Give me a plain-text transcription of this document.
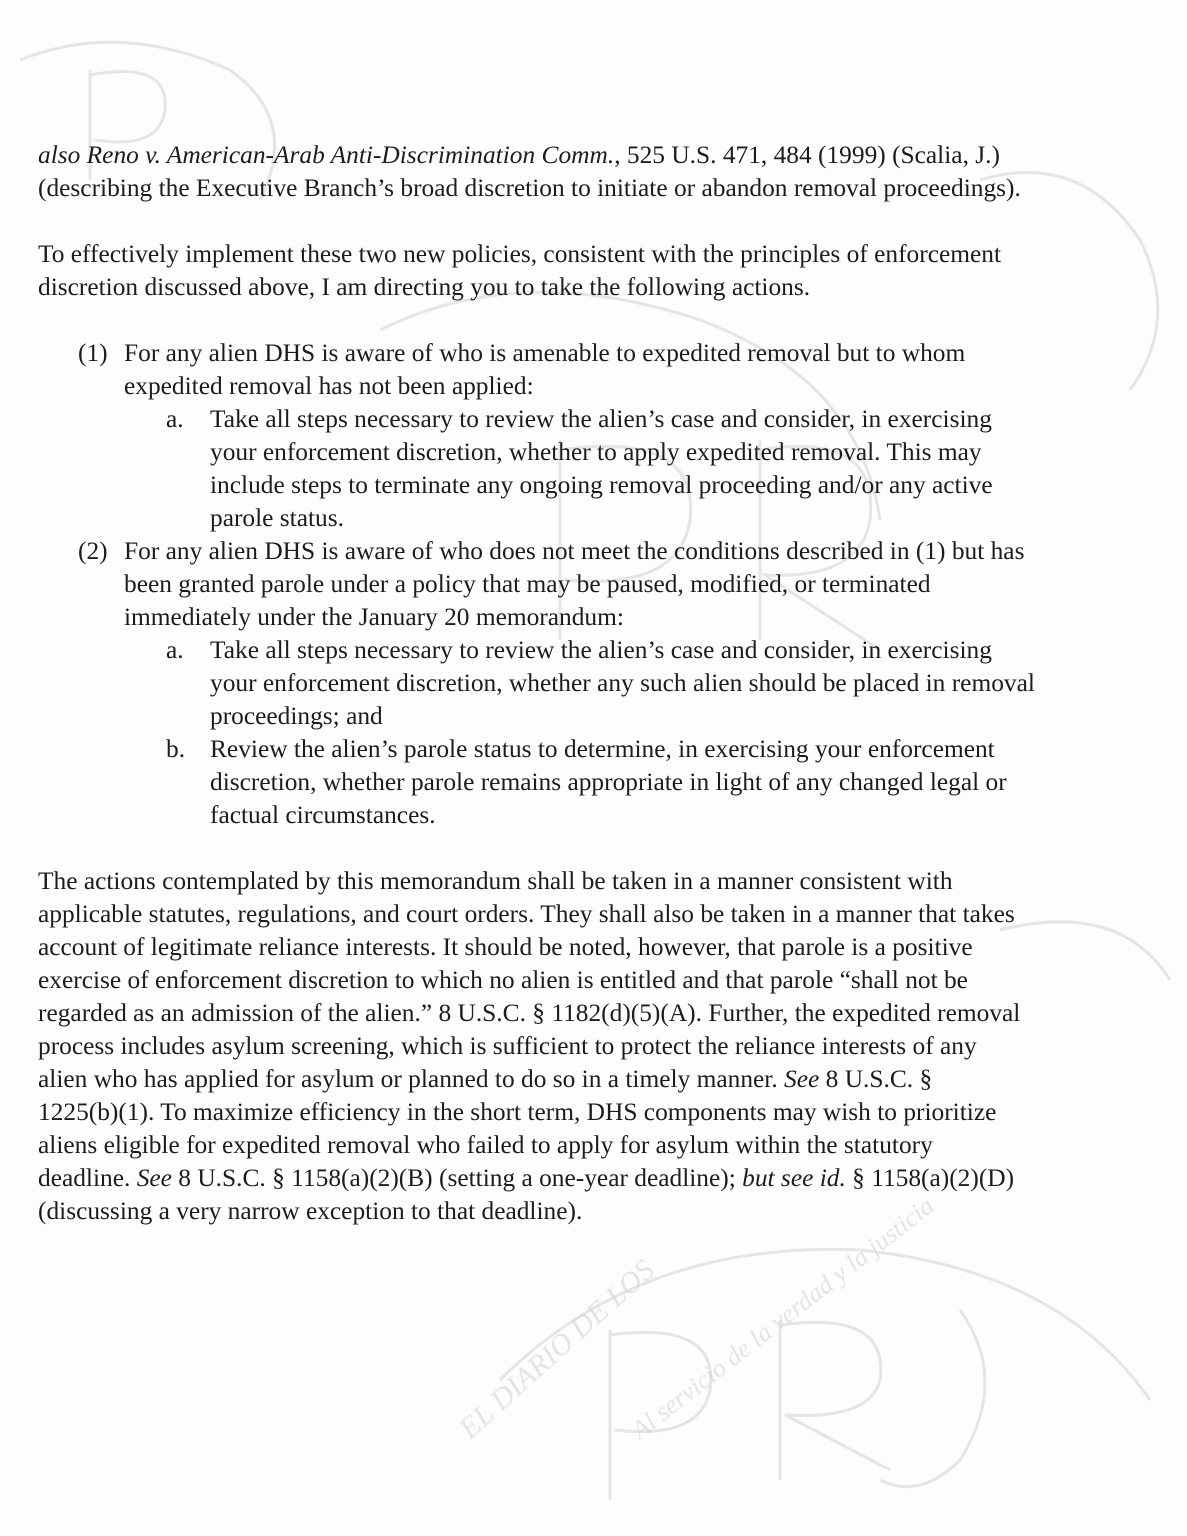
Al servicio de la verdad y la justicia
EL DIARIO DE LOS

also Reno v. American-Arab Anti-Discrimination Comm., 525 U.S. 471, 484 (1999) (Scalia, J.)
(describing the Executive Branch’s broad discretion to initiate or abandon removal proceedings).

To effectively implement these two new policies, consistent with the principles of enforcement
discretion discussed above, I am directing you to take the following actions.

(1) For any alien DHS is aware of who is amenable to expedited removal but to whom
expedited removal has not been applied:
a. Take all steps necessary to review the alien’s case and consider, in exercising
your enforcement discretion, whether to apply expedited removal. This may
include steps to terminate any ongoing removal proceeding and/or any active
parole status.
(2) For any alien DHS is aware of who does not meet the conditions described in (1) but has
been granted parole under a policy that may be paused, modified, or terminated
immediately under the January 20 memorandum:
a. Take all steps necessary to review the alien’s case and consider, in exercising
your enforcement discretion, whether any such alien should be placed in removal
proceedings; and
b. Review the alien’s parole status to determine, in exercising your enforcement
discretion, whether parole remains appropriate in light of any changed legal or
factual circumstances.

The actions contemplated by this memorandum shall be taken in a manner consistent with
applicable statutes, regulations, and court orders. They shall also be taken in a manner that takes
account of legitimate reliance interests. It should be noted, however, that parole is a positive
exercise of enforcement discretion to which no alien is entitled and that parole “shall not be
regarded as an admission of the alien.” 8 U.S.C. § 1182(d)(5)(A). Further, the expedited removal
process includes asylum screening, which is sufficient to protect the reliance interests of any
alien who has applied for asylum or planned to do so in a timely manner. See 8 U.S.C. §
1225(b)(1). To maximize efficiency in the short term, DHS components may wish to prioritize
aliens eligible for expedited removal who failed to apply for asylum within the statutory
deadline. See 8 U.S.C. § 1158(a)(2)(B) (setting a one-year deadline); but see id. § 1158(a)(2)(D)
(discussing a very narrow exception to that deadline).
